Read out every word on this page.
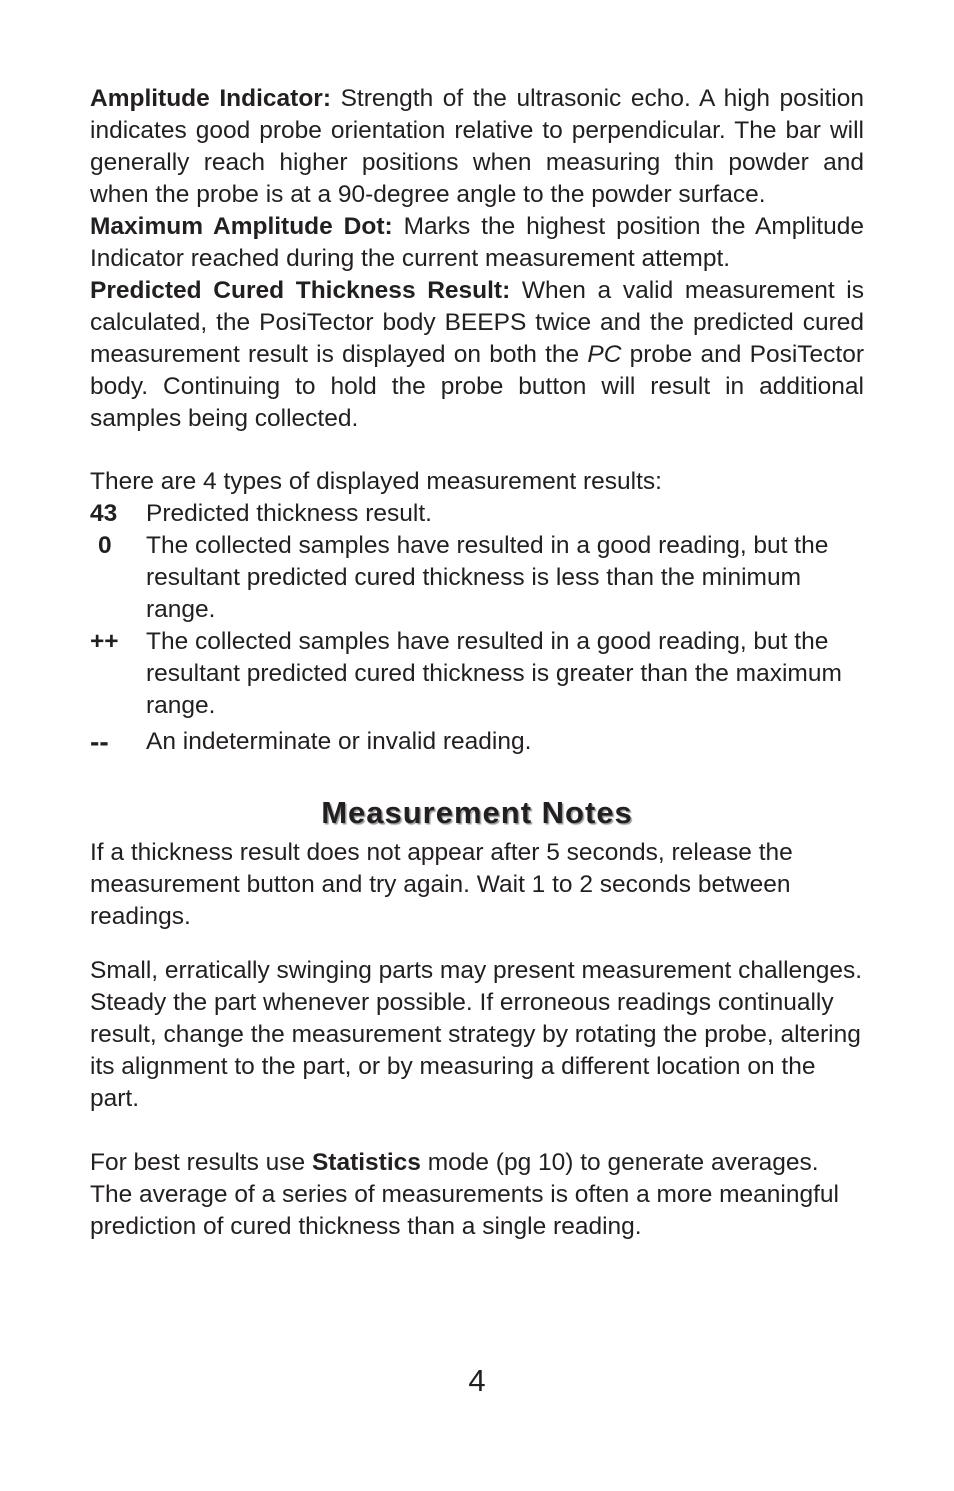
Amplitude Indicator: Strength of the ultrasonic echo. A high position indicates good probe orientation relative to perpendicular. The bar will generally reach higher positions when measuring thin powder and when the probe is at a 90-degree angle to the powder surface.

Maximum Amplitude Dot: Marks the highest position the Amplitude Indicator reached during the current measurement attempt.

Predicted Cured Thickness Result: When a valid measurement is calculated, the PosiTector body BEEPS twice and the predicted cured measurement result is displayed on both the PC probe and PosiTector body. Continuing to hold the probe button will result in additional samples being collected.

There are 4 types of displayed measurement results:

43	Predicted thickness result.
0	The collected samples have resulted in a good reading, but the resultant predicted cured thickness is less than the minimum range.
++	The collected samples have resulted in a good reading, but the resultant predicted cured thickness is greater than the maximum range.
--	An indeterminate or invalid reading.
Measurement Notes

If a thickness result does not appear after 5 seconds, release the measurement button and try again. Wait 1 to 2 seconds between readings.

Small, erratically swinging parts may present measurement challenges. Steady the part whenever possible. If erroneous readings continually result, change the measurement strategy by rotating the probe, altering its alignment to the part, or by measuring a different location on the part.

For best results use Statistics mode (pg 10) to generate averages. The average of a series of measurements is often a more meaningful prediction of cured thickness than a single reading.

4
